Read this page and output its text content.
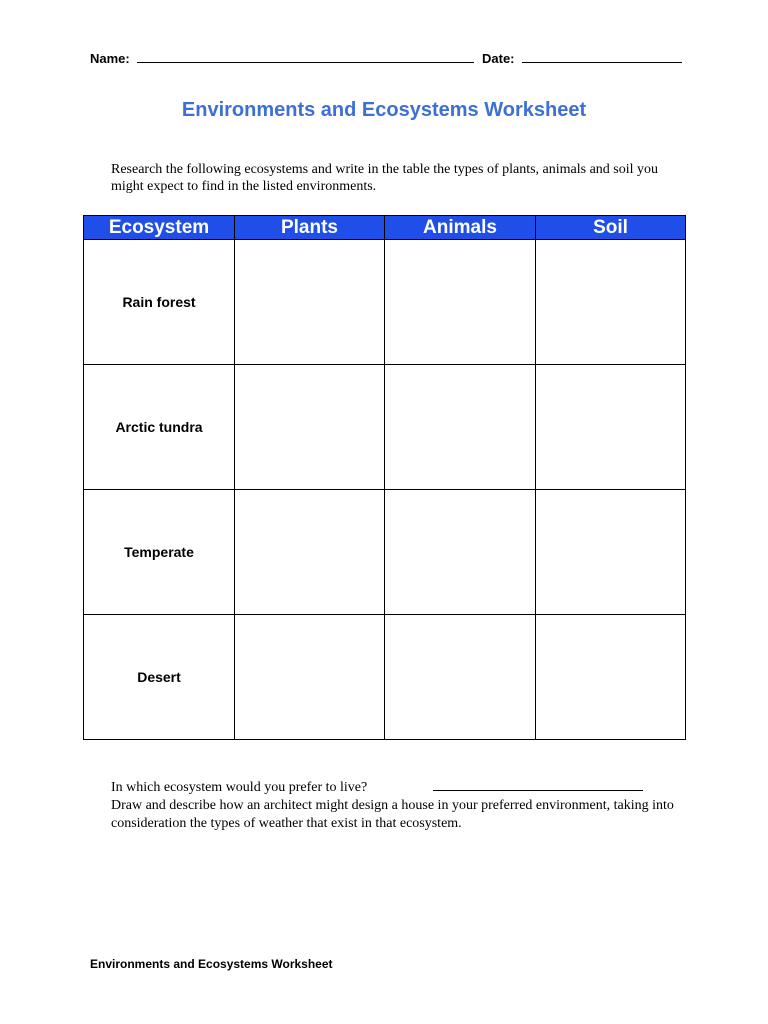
Name:	Date:
Environments and Ecosystems Worksheet
Research the following ecosystems and write in the table the types of plants, animals and soil you might expect to find in the listed environments.
Ecosystem	Plants	Animals	Soil
Rain forest			
Arctic tundra			
Temperate			
Desert			
In which ecosystem would you prefer to live?
Draw and describe how an architect might design a house in your preferred environment, taking into consideration the types of weather that exist in that ecosystem.
Environments and Ecosystems Worksheet
